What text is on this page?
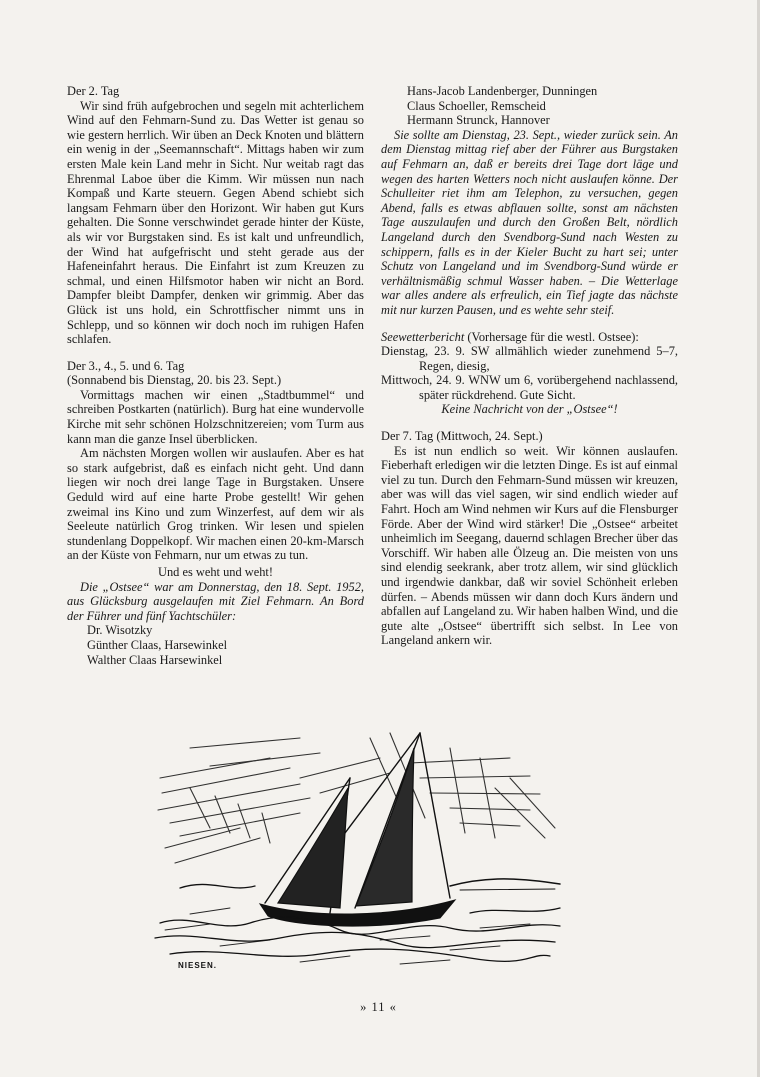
Der 2. Tag

Wir sind früh aufgebrochen und segeln mit achterlichem Wind auf den Fehmarn-Sund zu. Das Wetter ist genau so wie gestern herrlich. Wir üben an Deck Knoten und blättern ein wenig in der „Seemannschaft“. Mittags haben wir zum ersten Male kein Land mehr in Sicht. Nur weitab ragt das Ehrenmal Laboe über die Kimm. Wir müssen nun nach Kompaß und Karte steuern. Gegen Abend schiebt sich langsam Fehmarn über den Horizont. Wir haben gut Kurs gehalten. Die Sonne verschwindet gerade hinter der Küste, als wir vor Burgstaken sind. Es ist kalt und unfreundlich, der Wind hat aufgefrischt und steht gerade aus der Hafeneinfahrt heraus. Die Einfahrt ist zum Kreuzen zu schmal, und einen Hilfsmotor haben wir nicht an Bord. Dampfer bleibt Dampfer, denken wir grimmig. Aber das Glück ist uns hold, ein Schrottfischer nimmt uns in Schlepp, und so können wir doch noch im ruhigen Hafen schlafen.

Der 3., 4., 5. und 6. Tag

(Sonnabend bis Dienstag, 20. bis 23. Sept.)

Vormittags machen wir einen „Stadtbummel“ und schreiben Postkarten (natürlich). Burg hat eine wundervolle Kirche mit sehr schönen Holzschnitzereien; vom Turm aus kann man die ganze Insel überblicken.

Am nächsten Morgen wollen wir auslaufen. Aber es hat so stark aufgebrist, daß es einfach nicht geht. Und dann liegen wir noch drei lange Tage in Burgstaken. Unsere Geduld wird auf eine harte Probe gestellt! Wir gehen zweimal ins Kino und zum Winzerfest, auf dem wir als Seeleute natürlich Grog trinken. Wir lesen und spielen stundenlang Doppelkopf. Wir machen einen 20-km-Marsch an der Küste von Fehmarn, nur um etwas zu tun.

Und es weht und weht!

Die „Ostsee“ war am Donnerstag, den 18. Sept. 1952, aus Glücksburg ausgelaufen mit Ziel Fehmarn. An Bord der Führer und fünf Yachtschüler:

Dr. Wisotzky
Günther Claas, Harsewinkel
Walther Claas Harsewinkel
Hans-Jacob Landenberger, Dunningen
Claus Schoeller, Remscheid
Hermann Strunck, Hannover

Sie sollte am Dienstag, 23. Sept., wieder zurück sein. An dem Dienstag mittag rief aber der Führer aus Burgstaken auf Fehmarn an, daß er bereits drei Tage dort läge und wegen des harten Wetters noch nicht auslaufen könne. Der Schulleiter riet ihm am Telephon, zu versuchen, gegen Abend, falls es etwas abflauen sollte, sonst am nächsten Tage auszulaufen und durch den Großen Belt, nördlich Langeland durch den Svendborg-Sund nach Westen zu schippern, falls es in der Kieler Bucht zu hart sei; unter Schutz von Langeland und im Svendborg-Sund würde er verhältnismäßig schmul Wasser haben. – Die Wetterlage war alles andere als erfreulich, ein Tief jagte das nächste mit nur kurzen Pausen, und es wehte sehr steif.

Seewetterbericht (Vorhersage für die westl. Ostsee):

Dienstag, 23. 9. SW allmählich wieder zunehmend 5–7, Regen, diesig,

Mittwoch, 24. 9. WNW um 6, vorübergehend nachlassend, später rückdrehend. Gute Sicht.

Keine Nachricht von der „Ostsee“!

Der 7. Tag (Mittwoch, 24. Sept.)

Es ist nun endlich so weit. Wir können auslaufen. Fieberhaft erledigen wir die letzten Dinge. Es ist auf einmal viel zu tun. Durch den Fehmarn-Sund müssen wir kreuzen, aber was will das viel sagen, wir sind endlich wieder auf Fahrt. Hoch am Wind nehmen wir Kurs auf die Flensburger Förde. Aber der Wind wird stärker! Die „Ostsee“ arbeitet unheimlich im Seegang, dauernd schlagen Brecher über das Vorschiff. Wir haben alle Ölzeug an. Die meisten von uns sind elendig seekrank, aber trotz allem, wir sind glücklich und irgendwie dankbar, daß wir soviel Schönheit erleben dürfen. – Abends müssen wir dann doch Kurs ändern und abfallen auf Langeland zu. Wir haben halben Wind, und die gute alte „Ostsee“ übertrifft sich selbst. In Lee von Langeland ankern wir.

NIESEN.
» 11 «
